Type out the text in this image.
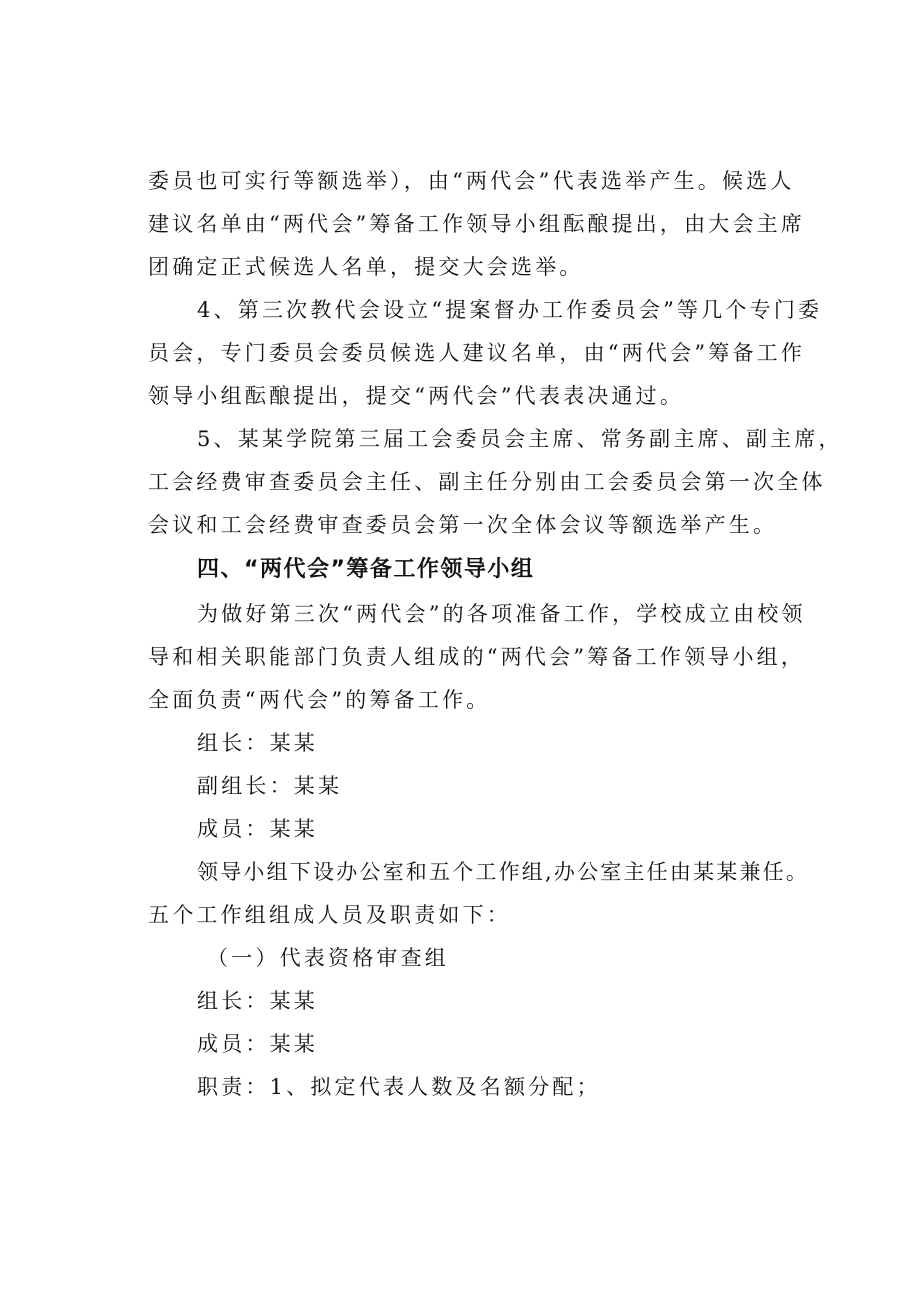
委员也可实行等额选举），由“两代会”代表选举产生。候选人
建议名单由“两代会”筹备工作领导小组酝酿提出，由大会主席
团确定正式候选人名单，提交大会选举。
4、第三次教代会设立“提案督办工作委员会”等几个专门委
员会，专门委员会委员候选人建议名单，由“两代会”筹备工作
领导小组酝酿提出，提交“两代会”代表表决通过。
5、某某学院第三届工会委员会主席、常务副主席、副主席，
工会经费审查委员会主任、副主任分别由工会委员会第一次全体
会议和工会经费审查委员会第一次全体会议等额选举产生。
四、“两代会”筹备工作领导小组
为做好第三次“两代会”的各项准备工作，学校成立由校领
导和相关职能部门负责人组成的“两代会”筹备工作领导小组，
全面负责“两代会”的筹备工作。
组长：某某
副组长：某某
成员：某某
领导小组下设办公室和五个工作组,办公室主任由某某兼任。
五个工作组组成人员及职责如下：
（一）代表资格审查组
组长：某某
成员：某某
职责：1、拟定代表人数及名额分配；
